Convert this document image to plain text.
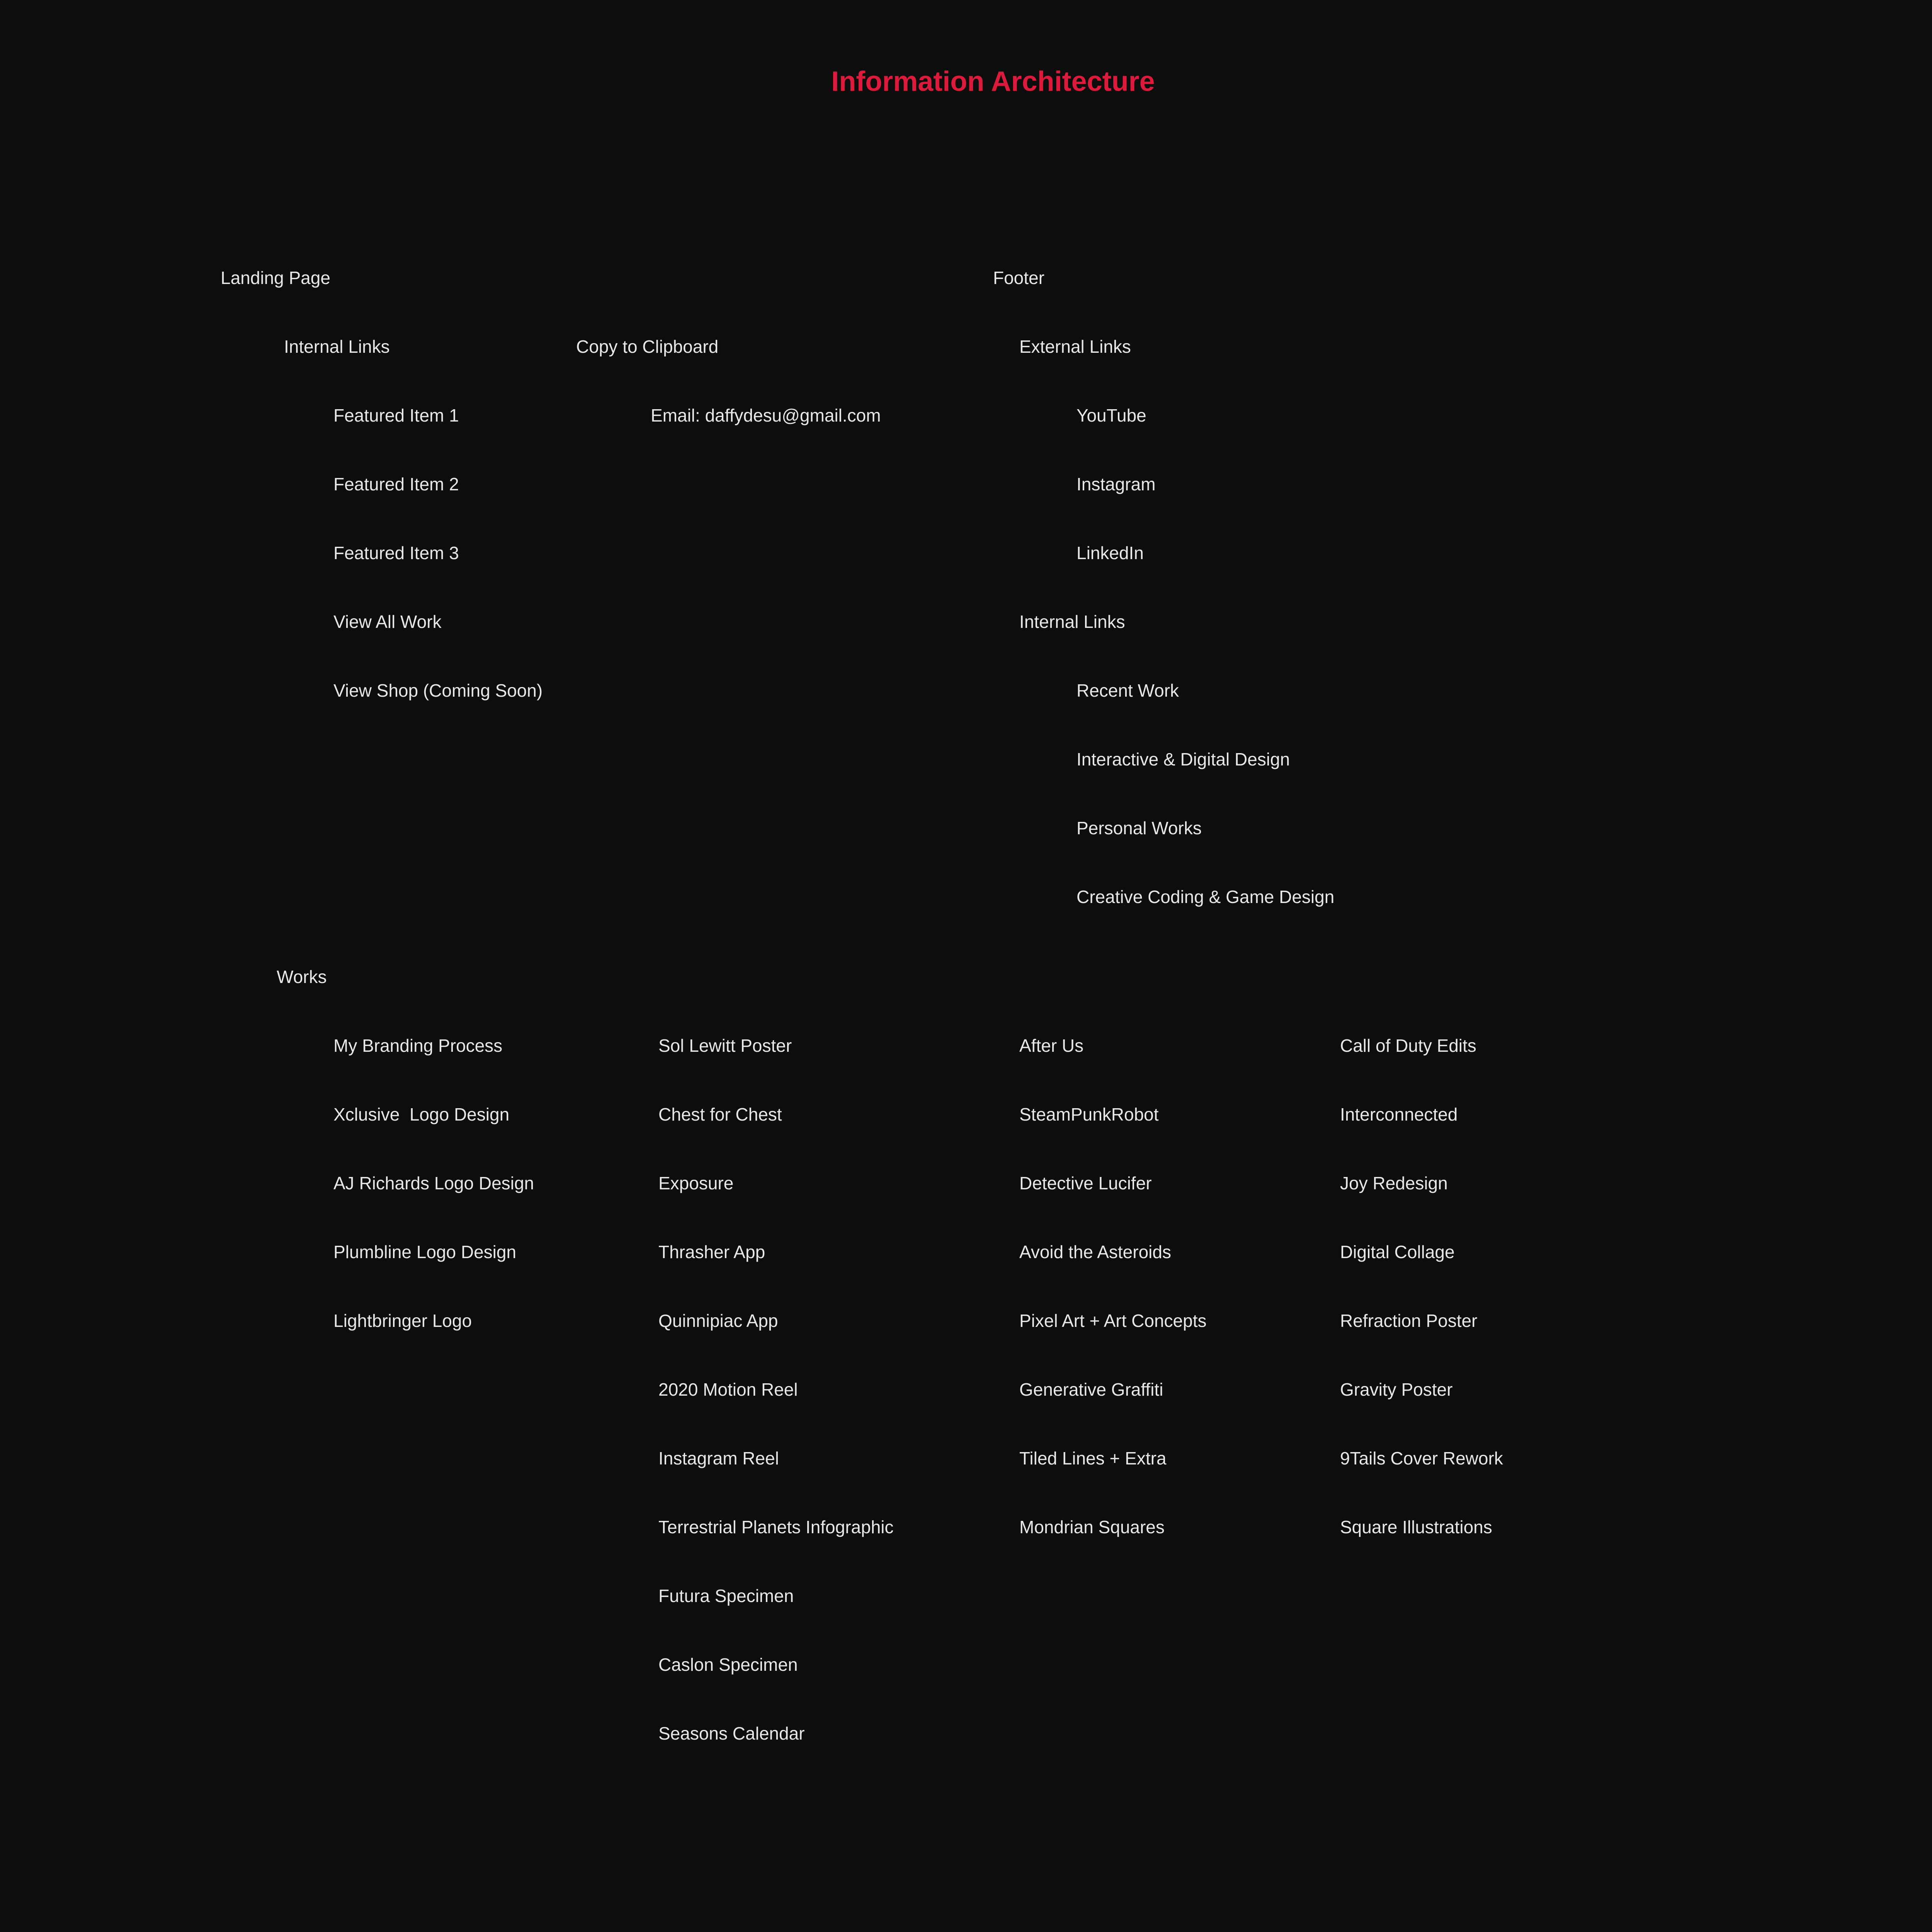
Information Architecture
Landing Page
Internal Links
Featured Item 1
Featured Item 2
Featured Item 3
View All Work
View Shop (Coming Soon)
Copy to Clipboard
Email: daffydesu@gmail.com
Footer
External Links
YouTube
Instagram
LinkedIn
Internal Links
Recent Work
Interactive & Digital Design
Personal Works
Creative Coding & Game Design
Works
My Branding Process
Xclusive  Logo Design
AJ Richards Logo Design
Plumbline Logo Design
Lightbringer Logo
Sol Lewitt Poster
Chest for Chest
Exposure
Thrasher App
Quinnipiac App
2020 Motion Reel
Instagram Reel
Terrestrial Planets Infographic
Futura Specimen
Caslon Specimen
Seasons Calendar
After Us
SteamPunkRobot
Detective Lucifer
Avoid the Asteroids
Pixel Art + Art Concepts
Generative Graffiti
Tiled Lines + Extra
Mondrian Squares
Call of Duty Edits
Interconnected
Joy Redesign
Digital Collage
Refraction Poster
Gravity Poster
9Tails Cover Rework
Square Illustrations
